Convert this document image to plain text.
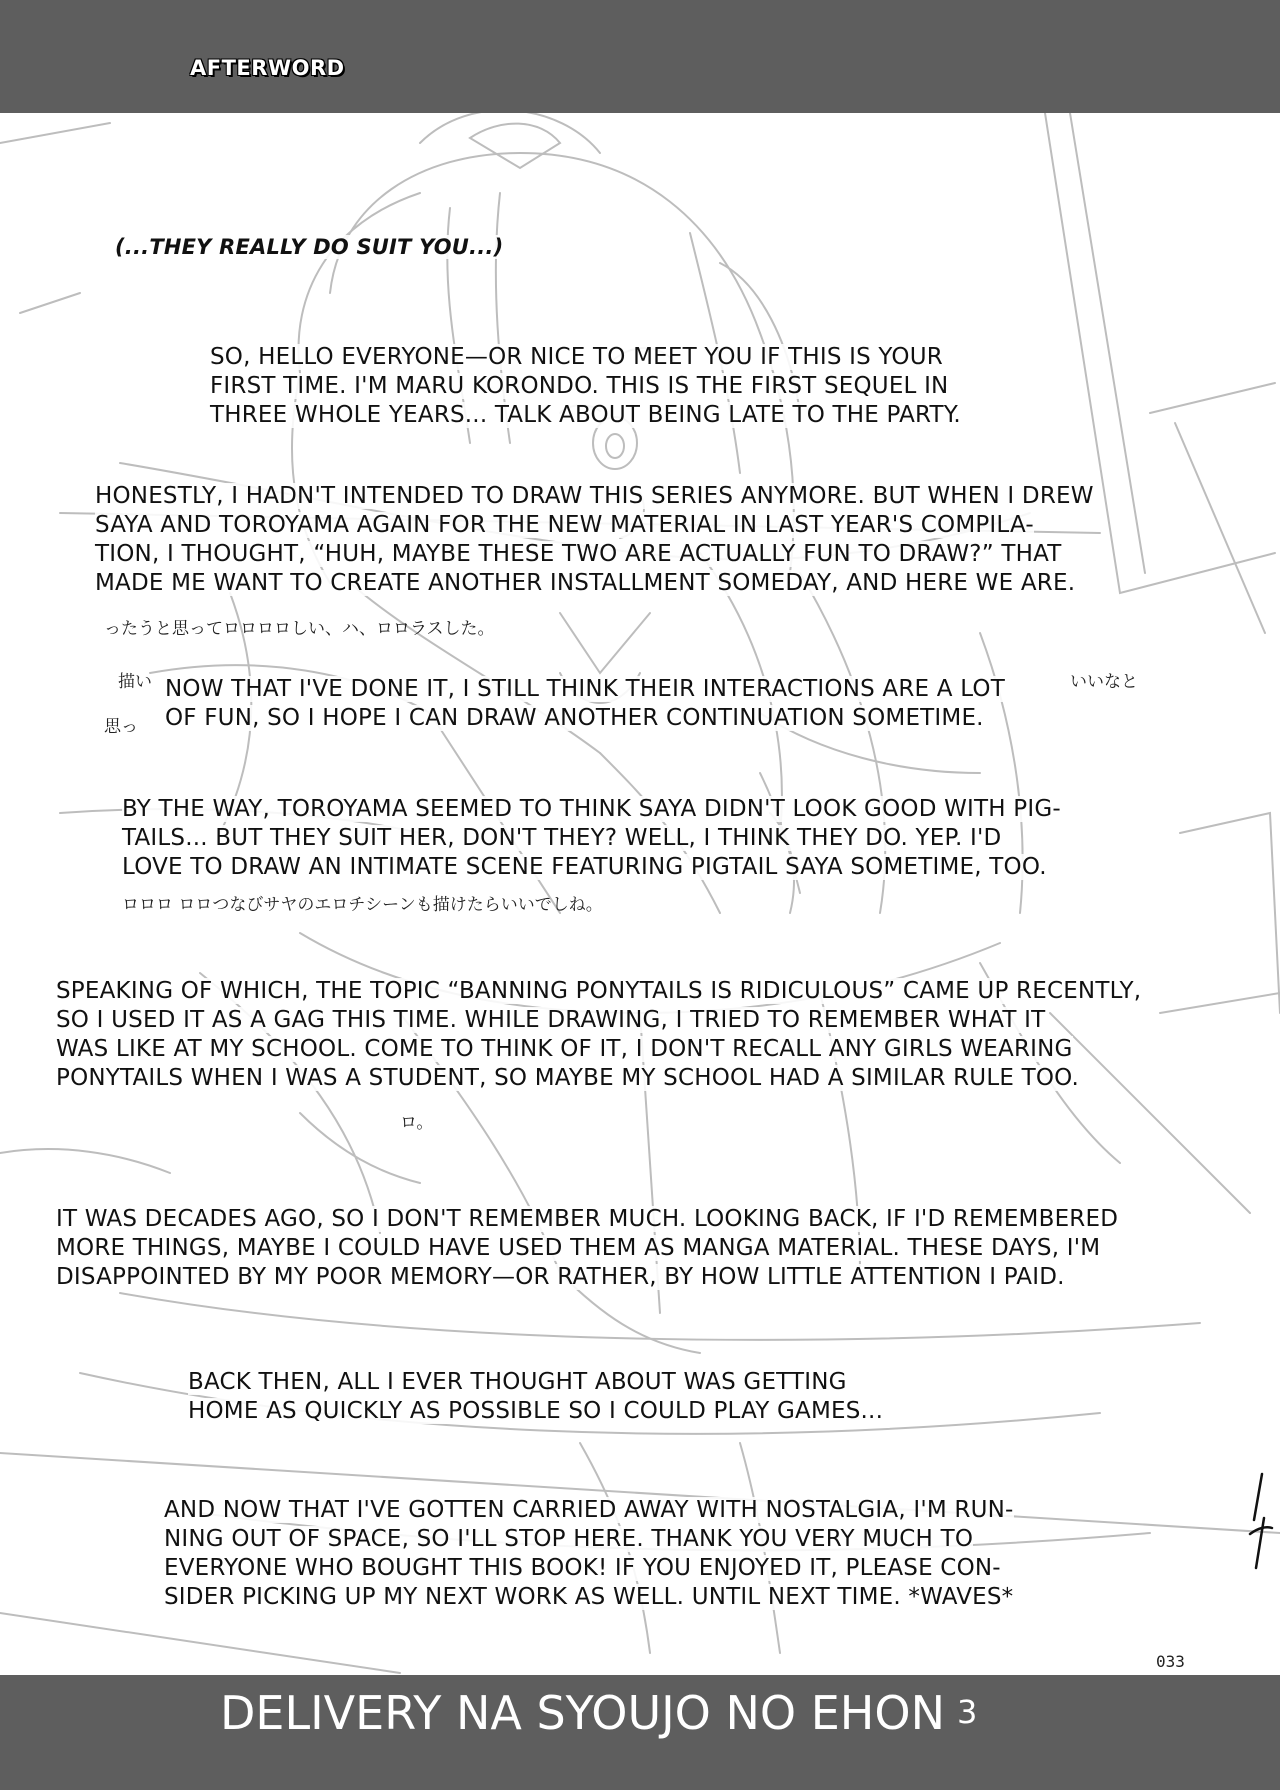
AFTERWORD
(...THEY REALLY DO SUIT YOU...)
SO, HELLO EVERYONE—OR NICE TO MEET YOU IF THIS IS YOUR
FIRST TIME. I'M MARU KORONDO. THIS IS THE FIRST SEQUEL IN
THREE WHOLE YEARS... TALK ABOUT BEING LATE TO THE PARTY.
HONESTLY, I HADN'T INTENDED TO DRAW THIS SERIES ANYMORE. BUT WHEN I DREW
SAYA AND TOROYAMA AGAIN FOR THE NEW MATERIAL IN LAST YEAR'S COMPILA-
TION, I THOUGHT, “HUH, MAYBE THESE TWO ARE ACTUALLY FUN TO DRAW?” THAT
MADE ME WANT TO CREATE ANOTHER INSTALLMENT SOMEDAY, AND HERE WE ARE.
ったうと思ってロロロロしい、ハ、ロロラスした。
描い	いいなと
思っ
NOW THAT I'VE DONE IT, I STILL THINK THEIR INTERACTIONS ARE A LOT
OF FUN, SO I HOPE I CAN DRAW ANOTHER CONTINUATION SOMETIME.
BY THE WAY, TOROYAMA SEEMED TO THINK SAYA DIDN'T LOOK GOOD WITH PIG-
TAILS... BUT THEY SUIT HER, DON'T THEY? WELL, I THINK THEY DO. YEP. I'D
LOVE TO DRAW AN INTIMATE SCENE FEATURING PIGTAIL SAYA SOMETIME, TOO.
ロロロ ロロつなびサヤのエロチシーンも描けたらいいでしね。
SPEAKING OF WHICH, THE TOPIC “BANNING PONYTAILS IS RIDICULOUS” CAME UP RECENTLY,
SO I USED IT AS A GAG THIS TIME. WHILE DRAWING, I TRIED TO REMEMBER WHAT IT
WAS LIKE AT MY SCHOOL. COME TO THINK OF IT, I DON'T RECALL ANY GIRLS WEARING
PONYTAILS WHEN I WAS A STUDENT, SO MAYBE MY SCHOOL HAD A SIMILAR RULE TOO.
ロ。
IT WAS DECADES AGO, SO I DON'T REMEMBER MUCH. LOOKING BACK, IF I'D REMEMBERED
MORE THINGS, MAYBE I COULD HAVE USED THEM AS MANGA MATERIAL. THESE DAYS, I'M
DISAPPOINTED BY MY POOR MEMORY—OR RATHER, BY HOW LITTLE ATTENTION I PAID.
BACK THEN, ALL I EVER THOUGHT ABOUT WAS GETTING
HOME AS QUICKLY AS POSSIBLE SO I COULD PLAY GAMES...
AND NOW THAT I'VE GOTTEN CARRIED AWAY WITH NOSTALGIA, I'M RUN-
NING OUT OF SPACE, SO I'LL STOP HERE. THANK YOU VERY MUCH TO
EVERYONE WHO BOUGHT THIS BOOK! IF YOU ENJOYED IT, PLEASE CON-
SIDER PICKING UP MY NEXT WORK AS WELL. UNTIL NEXT TIME. *WAVES*
033
DELIVERY NA SYOUJO NO EHON 3
